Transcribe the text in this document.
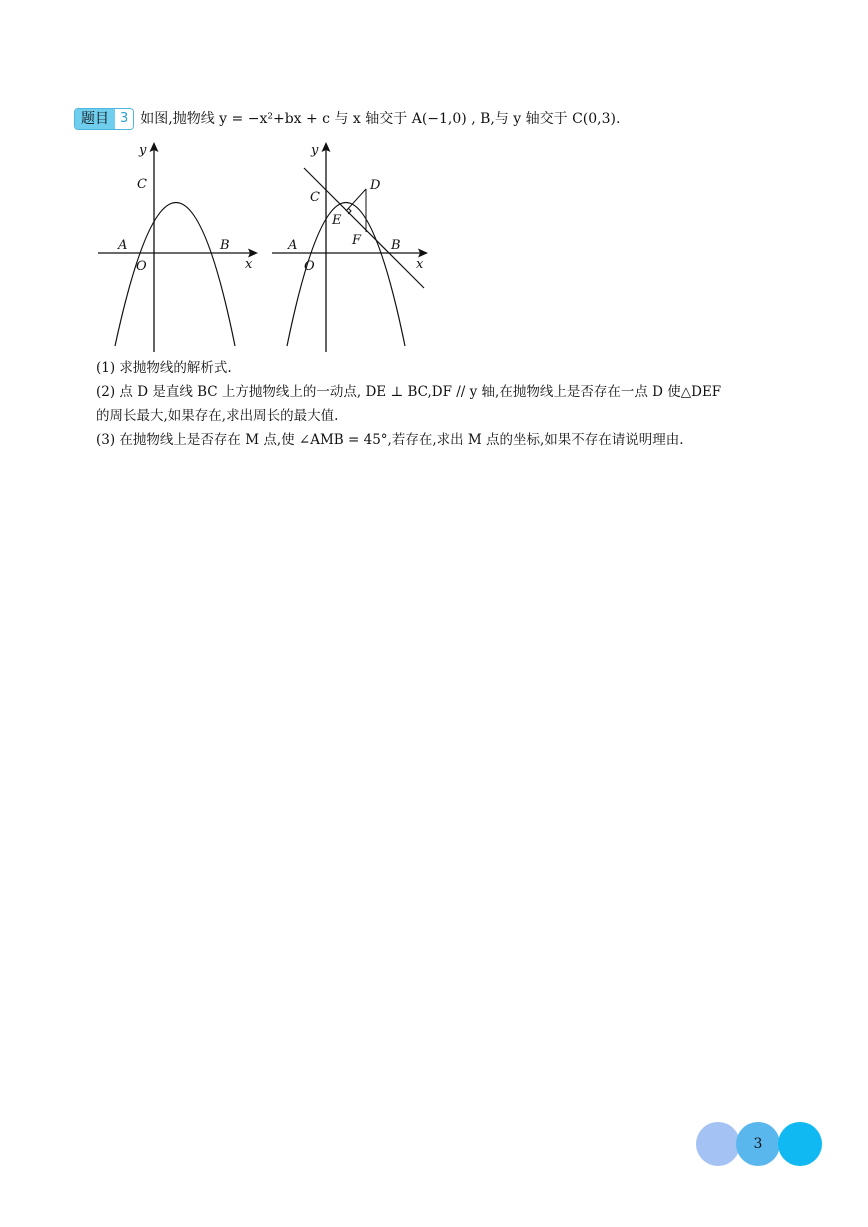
题目 3 如图,抛物线 y = −x²+bx + c 与 x 轴交于 A(−1,0) , B,与 y 轴交于 C(0,3).
y
x
C
A	B
O
y
x
C
D
E
F
A	B
O
(1) 求抛物线的解析式.
(2) 点 D 是直线 BC 上方抛物线上的一动点, DE ⊥ BC,DF // y 轴,在抛物线上是否存在一点 D 使△DEF
的周长最大,如果存在,求出周长的最大值.
(3) 在抛物线上是否存在 M 点,使 ∠AMB = 45°,若存在,求出 M 点的坐标,如果不存在请说明理由.
3
